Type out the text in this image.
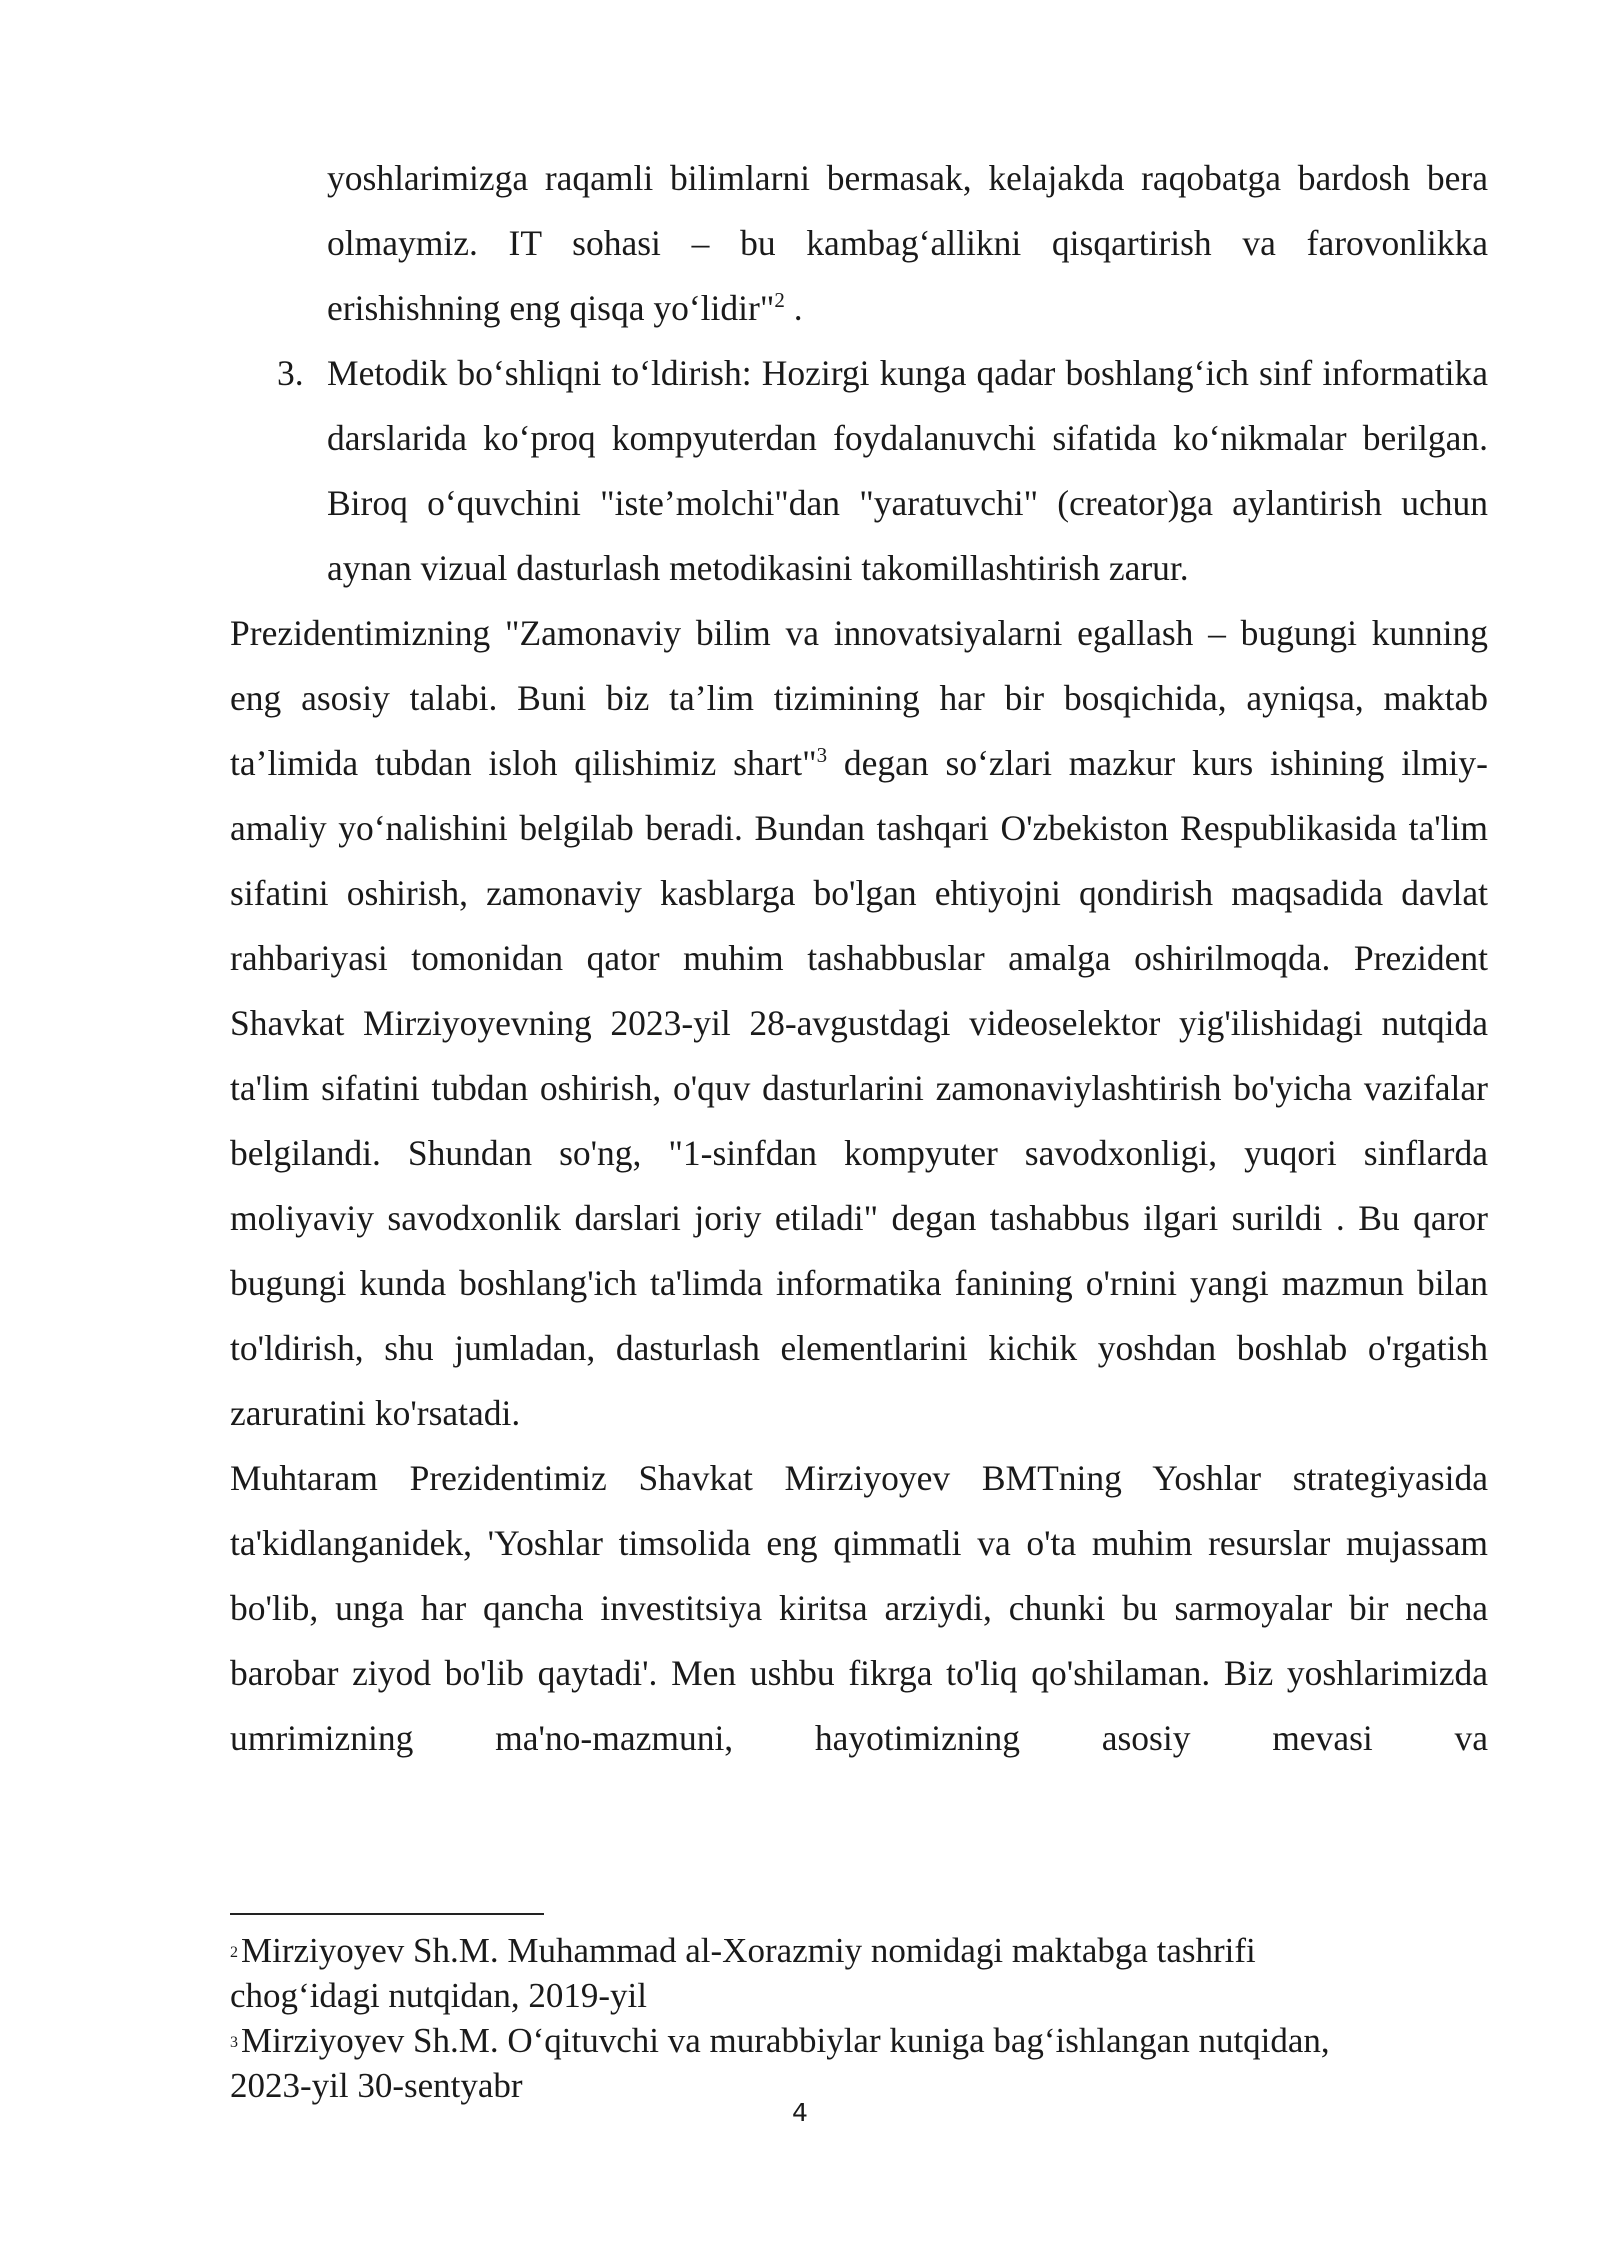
yoshlarimizga raqamli bilimlarni bermasak, kelajakda raqobatga bardosh bera olmaymiz. IT sohasi – bu kambag‘allikni qisqartirish va farovonlikka erishishning eng qisqa yo‘lidir"$^2$ .

3. Metodik bo‘shliqni to‘ldirish: Hozirgi kunga qadar boshlang‘ich sinf informatika darslarida ko‘proq kompyuterdan foydalanuvchi sifatida ko‘nikmalar berilgan. Biroq o‘quvchini "iste’molchi"dan "yaratuvchi" (creator)ga aylantirish uchun aynan vizual dasturlash metodikasini takomillashtirish zarur.

Prezidentimizning "Zamonaviy bilim va innovatsiyalarni egallash – bugungi kunning eng asosiy talabi. Buni biz ta’lim tizimining har bir bosqichida, ayniqsa, maktab ta’limida tubdan isloh qilishimiz shart"$^3$ degan so‘zlari mazkur kurs ishining ilmiy-amaliy yo‘nalishini belgilab beradi. Bundan tashqari O'zbekiston Respublikasida ta'lim sifatini oshirish, zamonaviy kasblarga bo'lgan ehtiyojni qondirish maqsadida davlat rahbariyasi tomonidan qator muhim tashabbuslar amalga oshirilmoqda. Prezident Shavkat Mirziyoyevning 2023-yil 28-avgustdagi videoselektor yig'ilishidagi nutqida ta'lim sifatini tubdan oshirish, o'quv dasturlarini zamonaviylashtirish bo'yicha vazifalar belgilandi. Shundan so'ng, "1-sinfdan kompyuter savodxonligi, yuqori sinflarda moliyaviy savodxonlik darslari joriy etiladi" degan tashabbus ilgari surildi . Bu qaror bugungi kunda boshlang'ich ta'limda informatika fanining o'rnini yangi mazmun bilan to'ldirish, shu jumladan, dasturlash elementlarini kichik yoshdan boshlab o'rgatish zaruratini ko'rsatadi.

Muhtaram Prezidentimiz Shavkat Mirziyoyev BMTning Yoshlar strategiyasida ta'kidlanganidek, 'Yoshlar timsolida eng qimmatli va o'ta muhim resurslar mujassam bo'lib, unga har qancha investitsiya kiritsa arziydi, chunki bu sarmoyalar bir necha barobar ziyod bo'lib qaytadi'. Men ushbu fikrga to'liq qo'shilaman. Biz yoshlarimizda umrimizning ma'no-mazmuni, hayotimizning asosiy mevasi va

2Mirziyoyev Sh.M. Muhammad al-Xorazmiy nomidagi maktabga tashrifi
chog‘idagi nutqidan, 2019-yil

3Mirziyoyev Sh.M. O‘qituvchi va murabbiylar kuniga bag‘ishlangan nutqidan,
2023-yil 30-sentyabr

4
